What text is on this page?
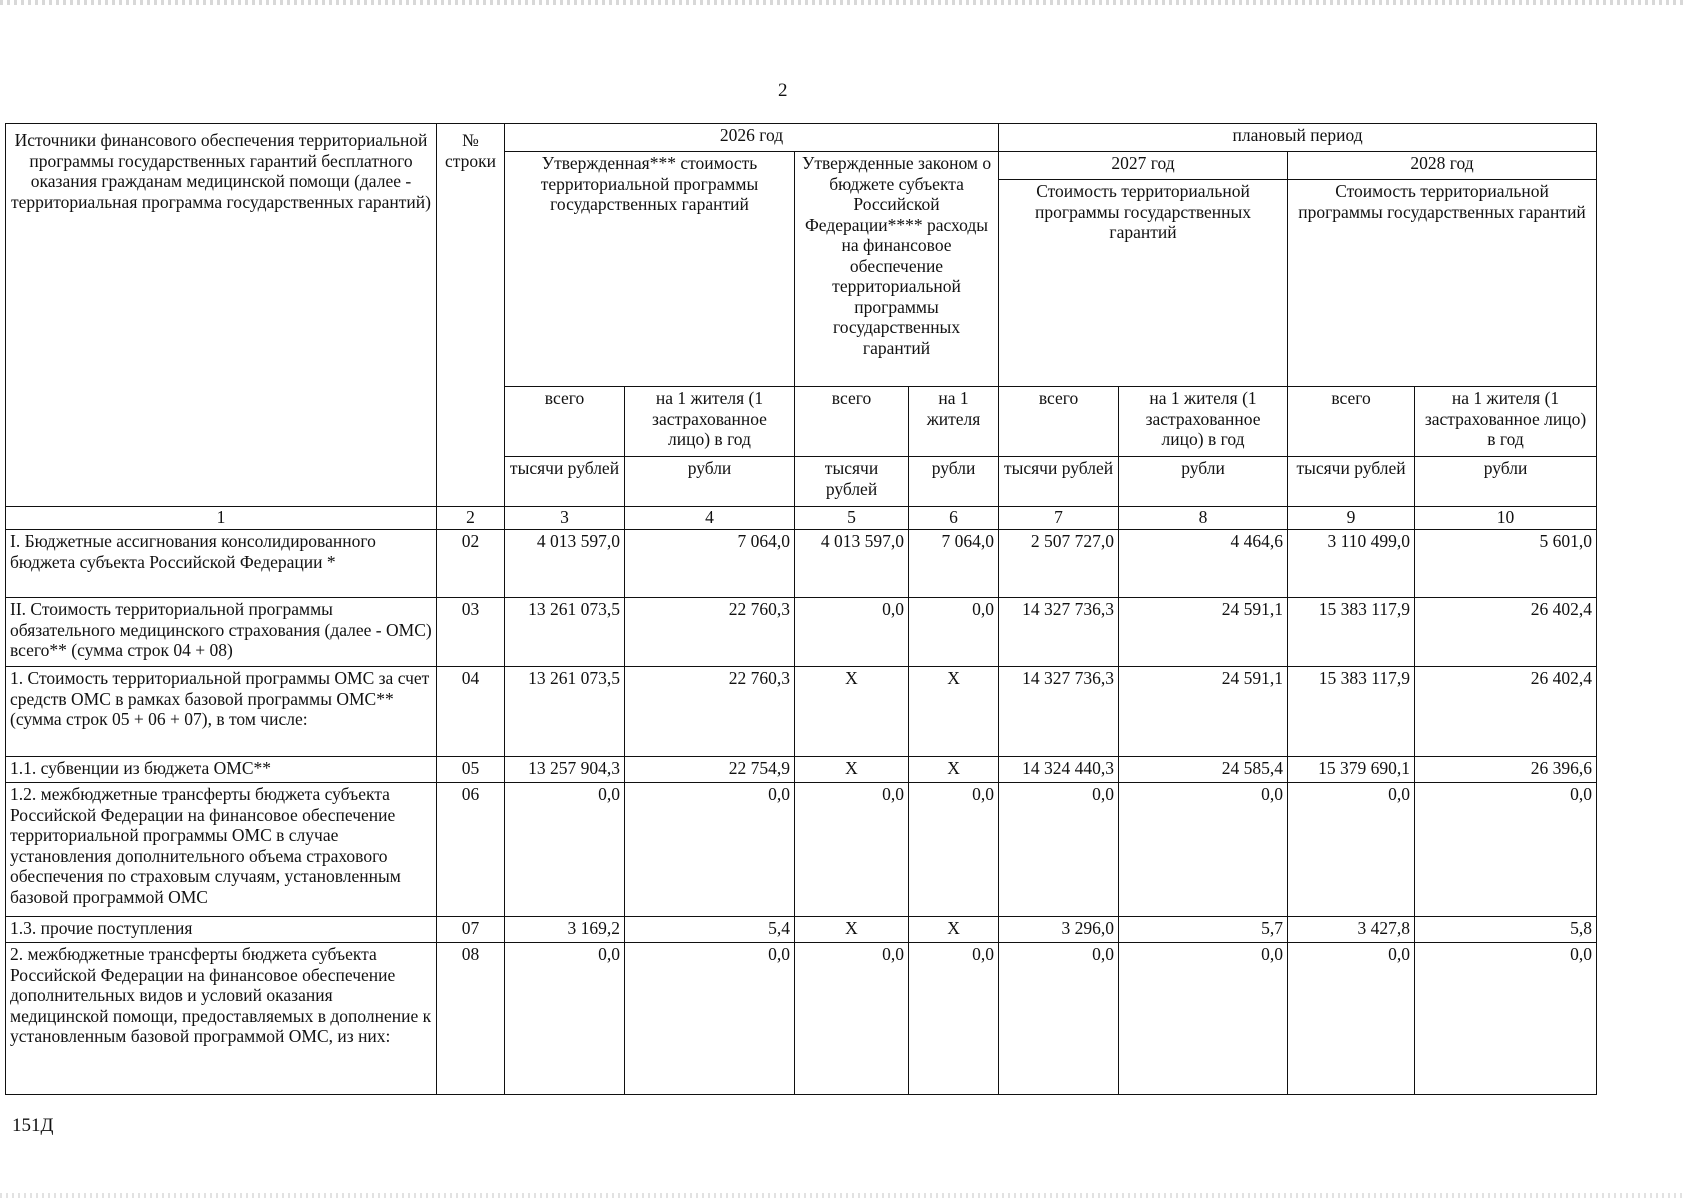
2
Источники финансового обеспечения территориальной программы государственных гарантий бесплатного оказания гражданам медицинской помощи (далее - территориальная программа государственных гарантий)	№ строки	2026 год				плановый период			
		Утвержденная*** стоимость территориальной программы государственных гарантий		Утвержденные законом о бюджете субъекта Российской Федерации**** расходы на финансовое обеспечение территориальной программы государственных гарантий		2027 год		2028 год	
						Стоимость территориальной программы государственных гарантий		Стоимость территориальной программы государственных гарантий	
		всего	на 1 жителя (1 застрахованное лицо) в год	всего	на 1 жителя	всего	на 1 жителя (1 застрахованное лицо) в год	всего	на 1 жителя (1 застрахованное лицо) в год
		тысячи рублей	рубли	тысячи рублей	рубли	тысячи рублей	рубли	тысячи рублей	рубли
1	2	3	4	5	6	7	8	9	10
I. Бюджетные ассигнования консолидированного бюджета субъекта Российской Федерации *	02	4 013 597,0	7 064,0	4 013 597,0	7 064,0	2 507 727,0	4 464,6	3 110 499,0	5 601,0
II. Стоимость территориальной программы обязательного медицинского страхования (далее - ОМС) всего** (сумма строк 04 + 08)	03	13 261 073,5	22 760,3	0,0	0,0	14 327 736,3	24 591,1	15 383 117,9	26 402,4
1. Стоимость территориальной программы ОМС за счет средств ОМС в рамках базовой программы ОМС** (сумма строк 05 + 06 + 07), в том числе:	04	13 261 073,5	22 760,3	X	X	14 327 736,3	24 591,1	15 383 117,9	26 402,4
1.1. субвенции из бюджета ОМС**	05	13 257 904,3	22 754,9	X	X	14 324 440,3	24 585,4	15 379 690,1	26 396,6
1.2. межбюджетные трансферты бюджета субъекта Российской Федерации на финансовое обеспечение территориальной программы ОМС в случае установления дополнительного объема страхового обеспечения по страховым случаям, установленным базовой программой ОМС	06	0,0	0,0	0,0	0,0	0,0	0,0	0,0	0,0
1.3. прочие поступления	07	3 169,2	5,4	X	X	3 296,0	5,7	3 427,8	5,8
2. межбюджетные трансферты бюджета субъекта Российской Федерации на финансовое обеспечение дополнительных видов и условий оказания медицинской помощи, предоставляемых в дополнение к установленным базовой программой ОМС, из них:	08	0,0	0,0	0,0	0,0	0,0	0,0	0,0	0,0
151Д
